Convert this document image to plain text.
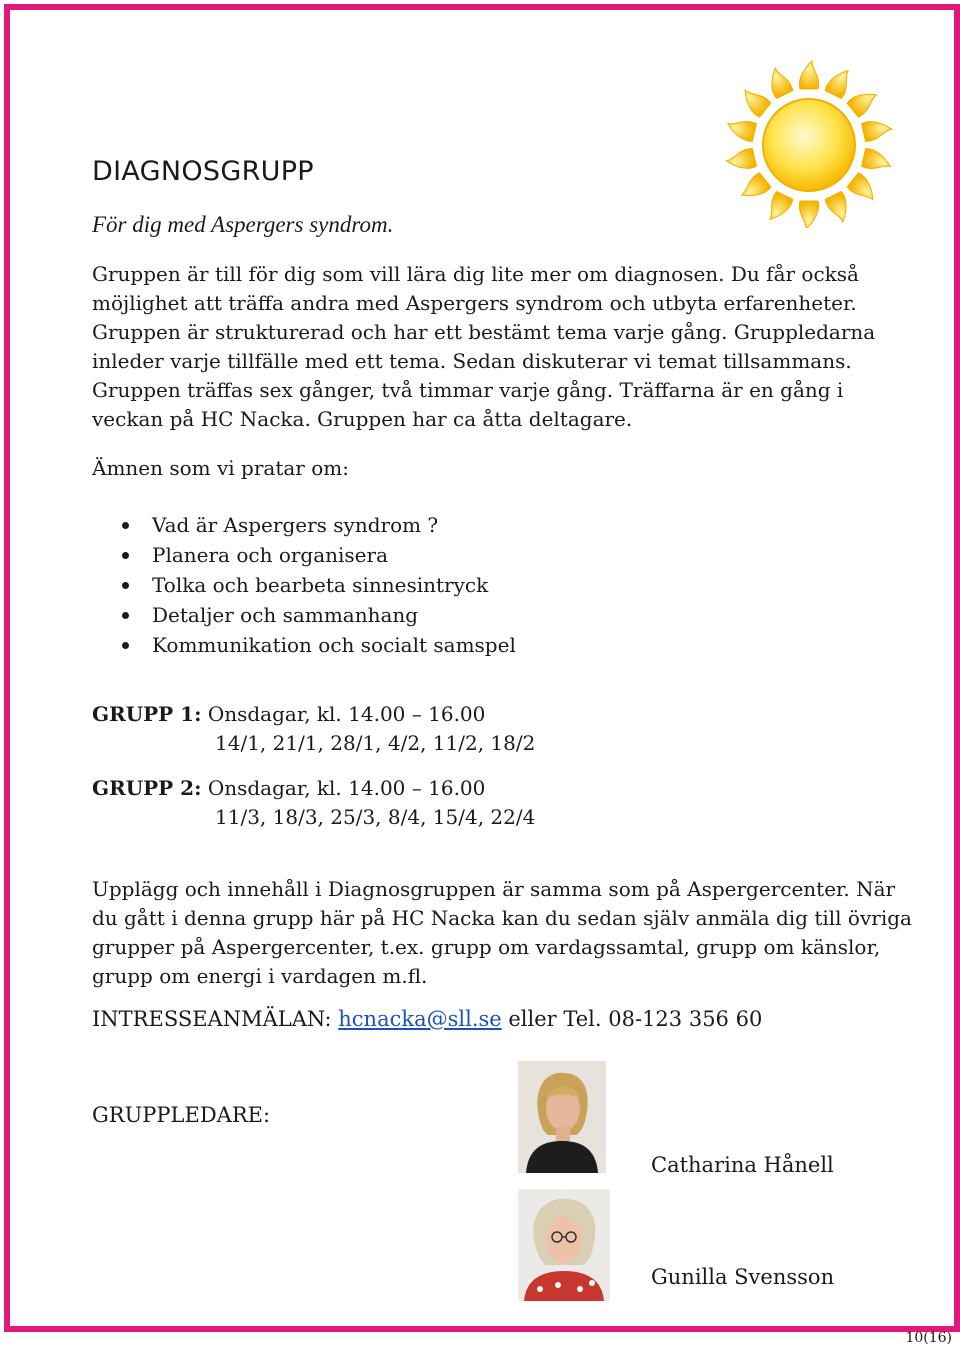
DIAGNOSGRUPP
För dig med Aspergers syndrom.

Gruppen är till för dig som vill lära dig lite mer om diagnosen. Du får också möjlighet att träffa andra med Aspergers syndrom och utbyta erfarenheter. Gruppen är strukturerad och har ett bestämt tema varje gång. Gruppledarna inleder varje tillfälle med ett tema. Sedan diskuterar vi temat tillsammans. Gruppen träffas sex gånger, två timmar varje gång. Träffarna är en gång i veckan på HC Nacka. Gruppen har ca åtta deltagare.

Ämnen som vi pratar om:
Vad är Aspergers syndrom ?
Planera och organisera
Tolka och bearbeta sinnesintryck
Detaljer och sammanhang
Kommunikation och socialt samspel
GRUPP 1: Onsdagar, kl. 14.00 – 16.00
14/1, 21/1, 28/1, 4/2, 11/2, 18/2
GRUPP 2: Onsdagar, kl. 14.00 – 16.00
11/3, 18/3, 25/3, 8/4, 15/4, 22/4

Upplägg och innehåll i Diagnosgruppen är samma som på Aspergercenter. När du gått i denna grupp här på HC Nacka kan du sedan själv anmäla dig till övriga grupper på Aspergercenter, t.ex. grupp om vardagssamtal, grupp om känslor, grupp om energi i vardagen m.fl.

INTRESSEANMÄLAN: hcnacka@sll.se eller Tel. 08-123 356 60
GRUPPLEDARE:
Catharina Hånell
Gunilla Svensson
10(16)
